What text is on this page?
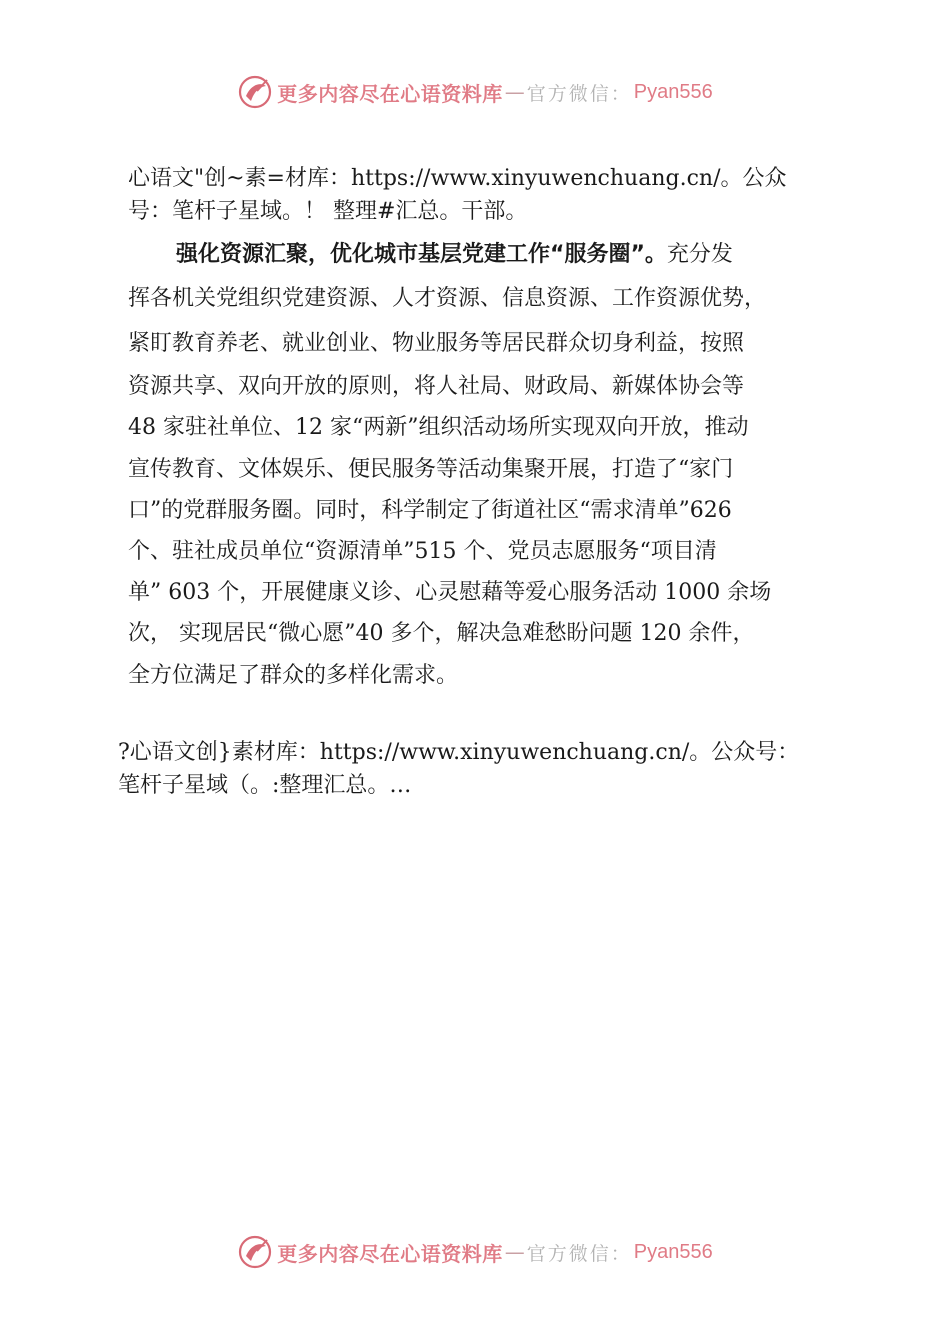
更多内容尽在心语资料库 — 官方微信： Pyan556
心语文"创~素=材库：https://www.xinyuwenchuang.cn/。公众
号：笔杆子星域。！ 整理#汇总。干部。
强化资源汇聚，优化城市基层党建工作“服务圈”。充分发
挥各机关党组织党建资源、人才资源、信息资源、工作资源优势，
紧盯教育养老、就业创业、物业服务等居民群众切身利益，按照
资源共享、双向开放的原则，将人社局、财政局、新媒体协会等
48 家驻社单位、12 家“两新”组织活动场所实现双向开放，推动
宣传教育、文体娱乐、便民服务等活动集聚开展，打造了“家门
口”的党群服务圈。同时，科学制定了街道社区“需求清单”626
个、驻社成员单位“资源清单”515 个、党员志愿服务“项目清
单” 603 个，开展健康义诊、心灵慰藉等爱心服务活动 1000 余场
次， 实现居民“微心愿”40 多个，解决急难愁盼问题 120 余件，
全方位满足了群众的多样化需求。
?心语文创}素材库：https://www.xinyuwenchuang.cn/。公众号：
笔杆子星域（。:整理汇总。…
更多内容尽在心语资料库 — 官方微信： Pyan556
